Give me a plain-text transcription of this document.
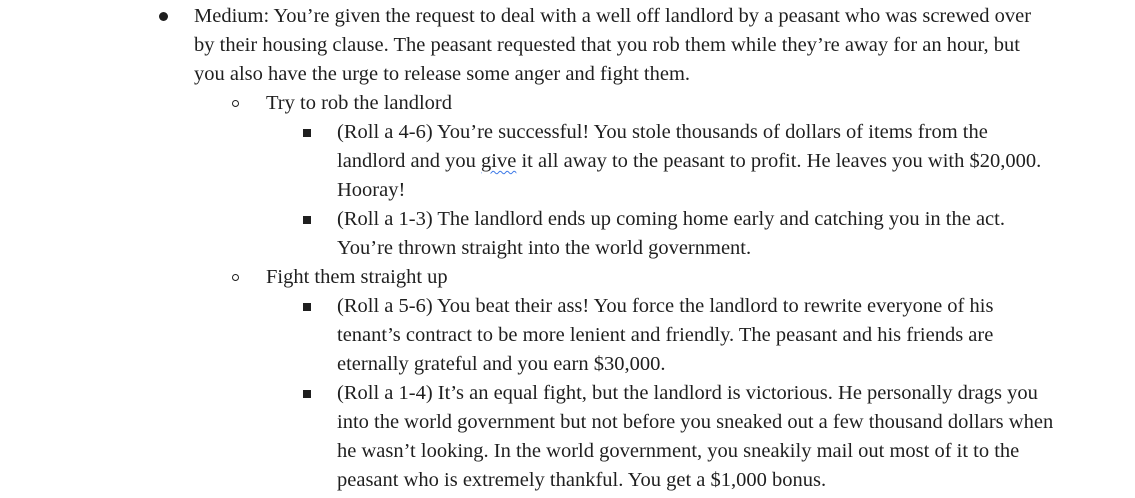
Medium: You’re given the request to deal with a well off landlord by a peasant who was screwed over by their housing clause. The peasant requested that you rob them while they’re away for an hour, but you also have the urge to release some anger and fight them.
Try to rob the landlord
(Roll a 4-6) You’re successful! You stole thousands of dollars of items from the landlord and you give it all away to the peasant to profit. He leaves you with $20,000. Hooray!
(Roll a 1-3) The landlord ends up coming home early and catching you in the act. You’re thrown straight into the world government.
Fight them straight up
(Roll a 5-6) You beat their ass! You force the landlord to rewrite everyone of his tenant’s contract to be more lenient and friendly. The peasant and his friends are eternally grateful and you earn $30,000.
(Roll a 1-4) It’s an equal fight, but the landlord is victorious. He personally drags you into the world government but not before you sneaked out a few thousand dollars when he wasn’t looking. In the world government, you sneakily mail out most of it to the peasant who is extremely thankful. You get a $1,000 bonus.
